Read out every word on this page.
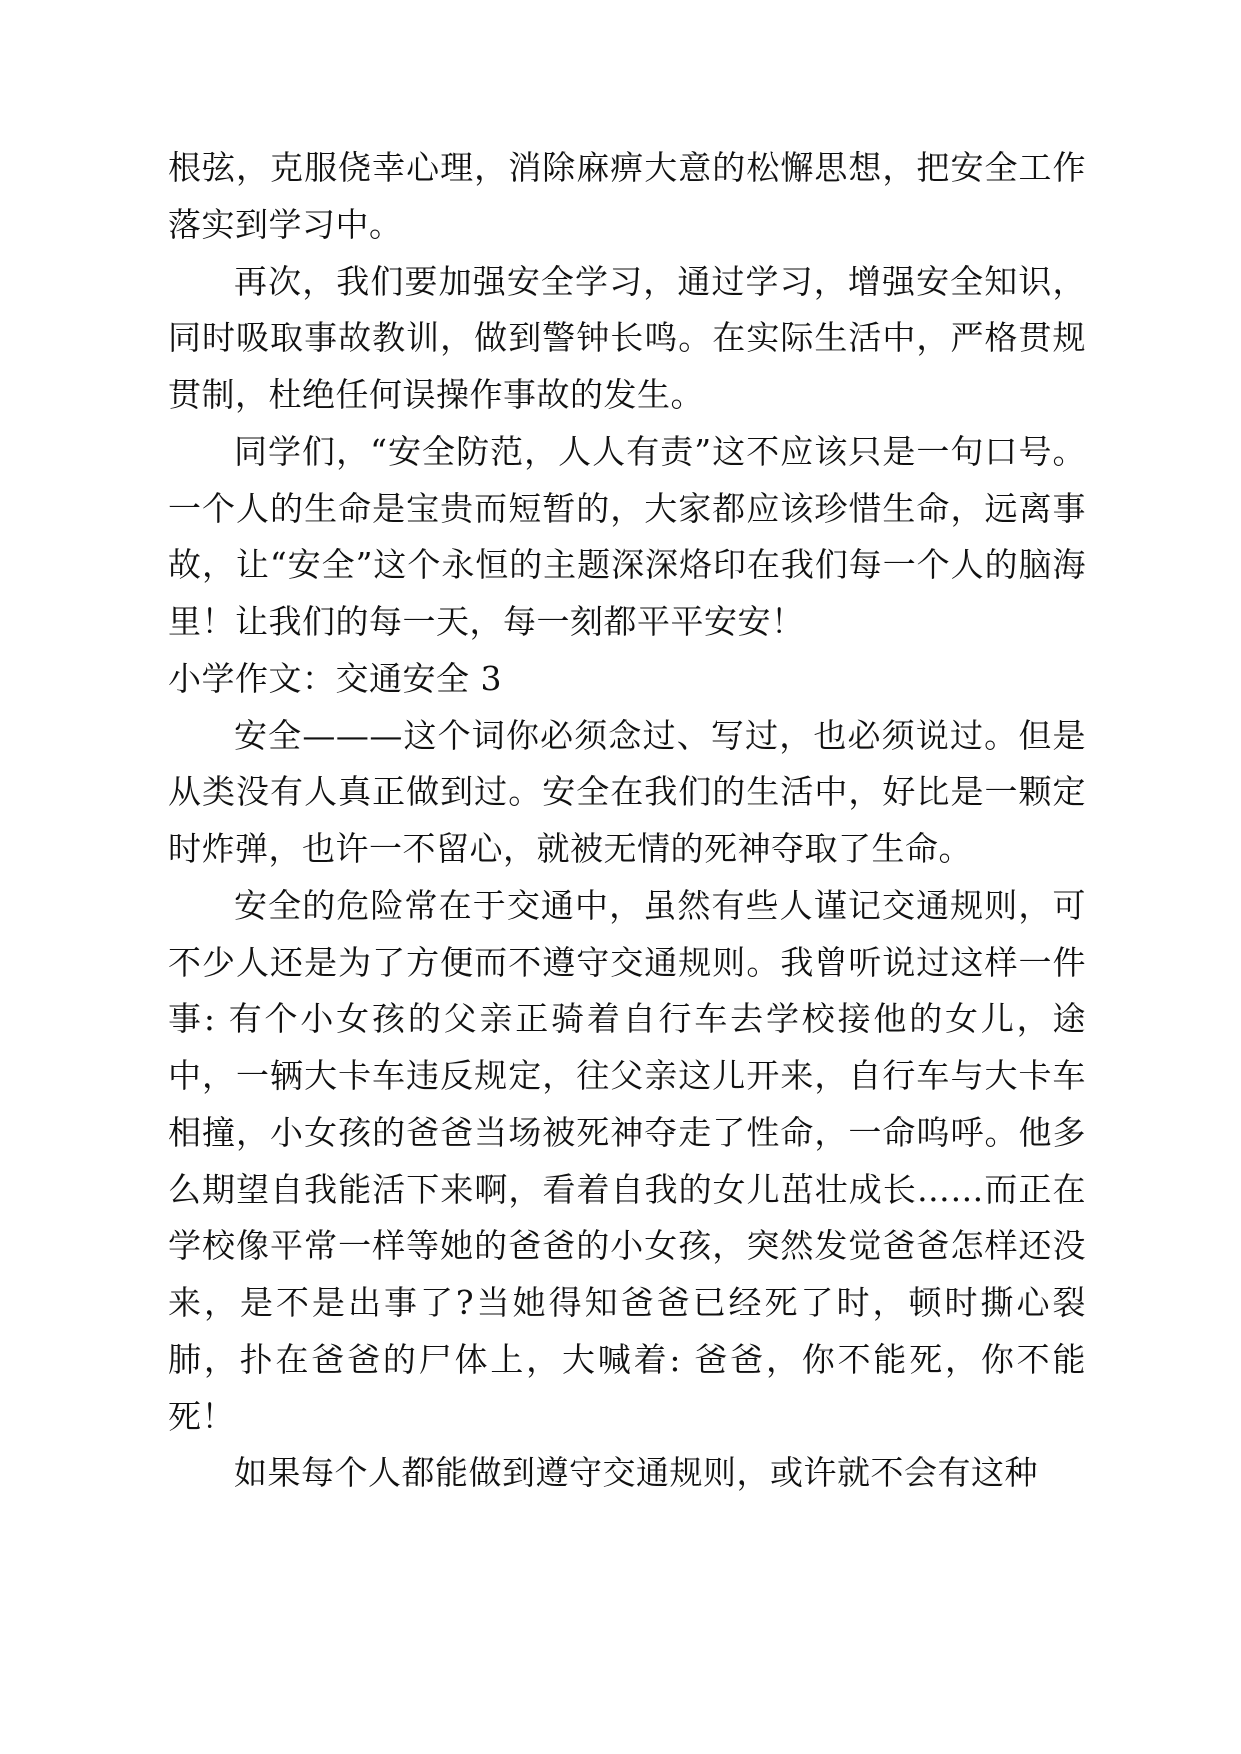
根弦，克服侥幸心理，消除麻痹大意的松懈思想，把安全工作落实到学习中。

再次，我们要加强安全学习，通过学习，增强安全知识，同时吸取事故教训，做到警钟长鸣。在实际生活中，严格贯规贯制，杜绝任何误操作事故的发生。

同学们，“安全防范，人人有责”这不应该只是一句口号。一个人的生命是宝贵而短暂的，大家都应该珍惜生命，远离事故，让“安全”这个永恒的主题深深烙印在我们每一个人的脑海里！让我们的每一天，每一刻都平平安安！

小学作文：交通安全 3

安全———这个词你必须念过、写过，也必须说过。但是从类没有人真正做到过。安全在我们的生活中，好比是一颗定时炸弹，也许一不留心，就被无情的死神夺取了生命。

安全的危险常在于交通中，虽然有些人谨记交通规则，可不少人还是为了方便而不遵守交通规则。我曾听说过这样一件事: 有个小女孩的父亲正骑着自行车去学校接他的女儿，途中，一辆大卡车违反规定，往父亲这儿开来，自行车与大卡车相撞，小女孩的爸爸当场被死神夺走了性命，一命呜呼。他多么期望自我能活下来啊，看着自我的女儿茁壮成长……而正在学校像平常一样等她的爸爸的小女孩，突然发觉爸爸怎样还没来，是不是出事了?当她得知爸爸已经死了时，顿时撕心裂肺，扑在爸爸的尸体上，大喊着: 爸爸，你不能死，你不能死！

如果每个人都能做到遵守交通规则，或许就不会有这种
